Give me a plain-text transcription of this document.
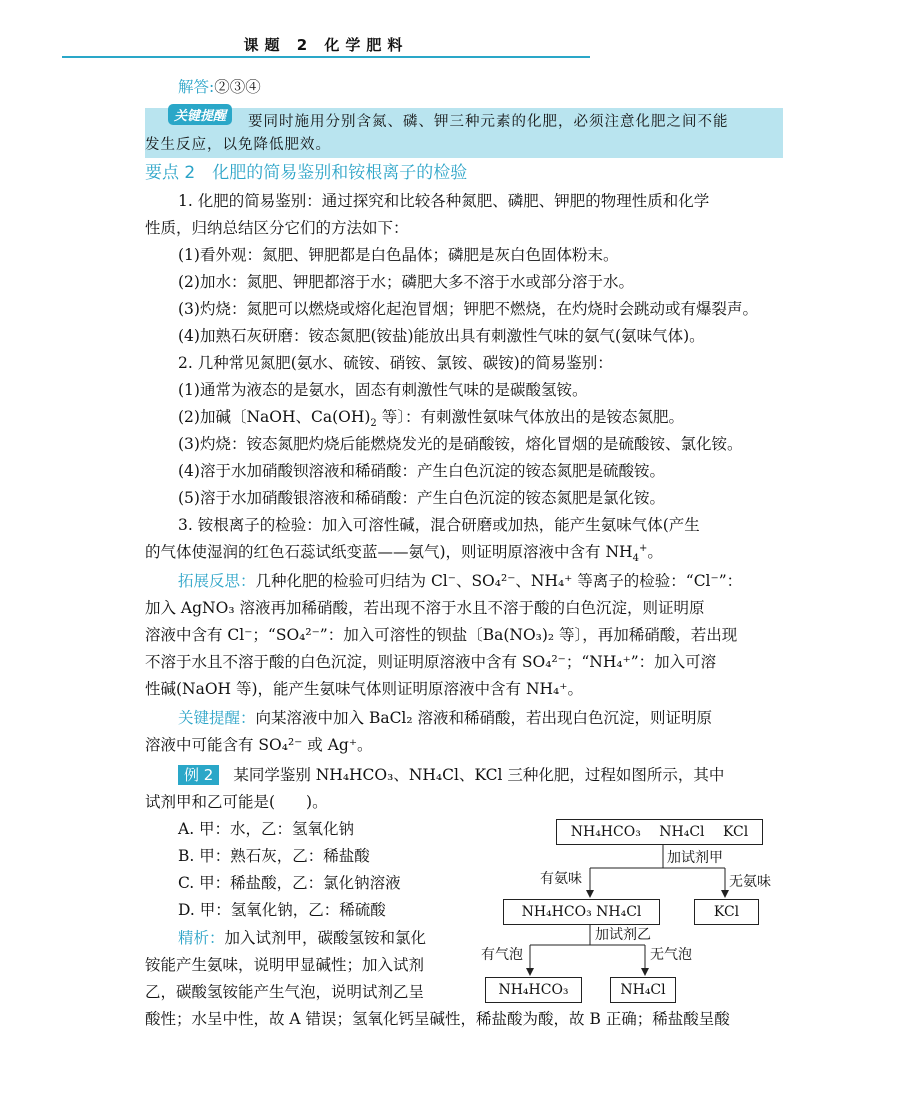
课题 2 化学肥料
解答:②③④
关键提醒	要同时施用分别含氮、磷、钾三种元素的化肥，必须注意化肥之间不能
发生反应，以免降低肥效。
要点 2　化肥的简易鉴别和铵根离子的检验
1. 化肥的简易鉴别：通过探究和比较各种氮肥、磷肥、钾肥的物理性质和化学
性质，归纳总结区分它们的方法如下：
(1)看外观：氮肥、钾肥都是白色晶体；磷肥是灰白色固体粉末。
(2)加水：氮肥、钾肥都溶于水；磷肥大多不溶于水或部分溶于水。
(3)灼烧：氮肥可以燃烧或熔化起泡冒烟；钾肥不燃烧，在灼烧时会跳动或有爆裂声。
(4)加熟石灰研磨：铵态氮肥(铵盐)能放出具有刺激性气味的氨气(氨味气体)。
2. 几种常见氮肥(氨水、硫铵、硝铵、氯铵、碳铵)的简易鉴别：
(1)通常为液态的是氨水，固态有刺激性气味的是碳酸氢铵。
(2)加碱〔NaOH、$Ca(OH)_2$ 等〕：有刺激性氨味气体放出的是铵态氮肥。
(3)灼烧：铵态氮肥灼烧后能燃烧发光的是硝酸铵，熔化冒烟的是硫酸铵、氯化铵。
(4)溶于水加硝酸钡溶液和稀硝酸：产生白色沉淀的铵态氮肥是硫酸铵。
(5)溶于水加硝酸银溶液和稀硝酸：产生白色沉淀的铵态氮肥是氯化铵。
3. 铵根离子的检验：加入可溶性碱，混合研磨或加热，能产生氨味气体(产生
的气体使湿润的红色石蕊试纸变蓝——氨气)，则证明原溶液中含有 $NH_4^+$。
拓展反思：几种化肥的检验可归结为 Cl⁻、SO₄²⁻、NH₄⁺ 等离子的检验：“Cl⁻”：
加入 AgNO₃ 溶液再加稀硝酸，若出现不溶于水且不溶于酸的白色沉淀，则证明原
溶液中含有 Cl⁻；“SO₄²⁻”：加入可溶性的钡盐〔Ba(NO₃)₂ 等〕，再加稀硝酸，若出现
不溶于水且不溶于酸的白色沉淀，则证明原溶液中含有 SO₄²⁻；“NH₄⁺”：加入可溶
性碱(NaOH 等)，能产生氨味气体则证明原溶液中含有 NH₄⁺。
关键提醒：向某溶液中加入 BaCl₂ 溶液和稀硝酸，若出现白色沉淀，则证明原
溶液中可能含有 SO₄²⁻ 或 Ag⁺。
例 2 某同学鉴别 NH₄HCO₃、NH₄Cl、KCl 三种化肥，过程如图所示，其中
试剂甲和乙可能是(　　)。
A. 甲：水，乙：氢氧化钠
B. 甲：熟石灰，乙：稀盐酸
C. 甲：稀盐酸，乙：氯化钠溶液
D. 甲：氢氧化钠，乙：稀硫酸
精析：加入试剂甲，碳酸氢铵和氯化
铵能产生氨味，说明甲显碱性；加入试剂
乙，碳酸氢铵能产生气泡，说明试剂乙呈
酸性；水呈中性，故 A 错误；氢氧化钙呈碱性，稀盐酸为酸，故 B 正确；稀盐酸呈酸
NH₄HCO₃　 NH₄Cl　 KCl
加试剂甲
有氨味	无氨味
NH₄HCO₃ NH₄Cl	KCl
加试剂乙
有气泡	无气泡
NH₄HCO₃	NH₄Cl
